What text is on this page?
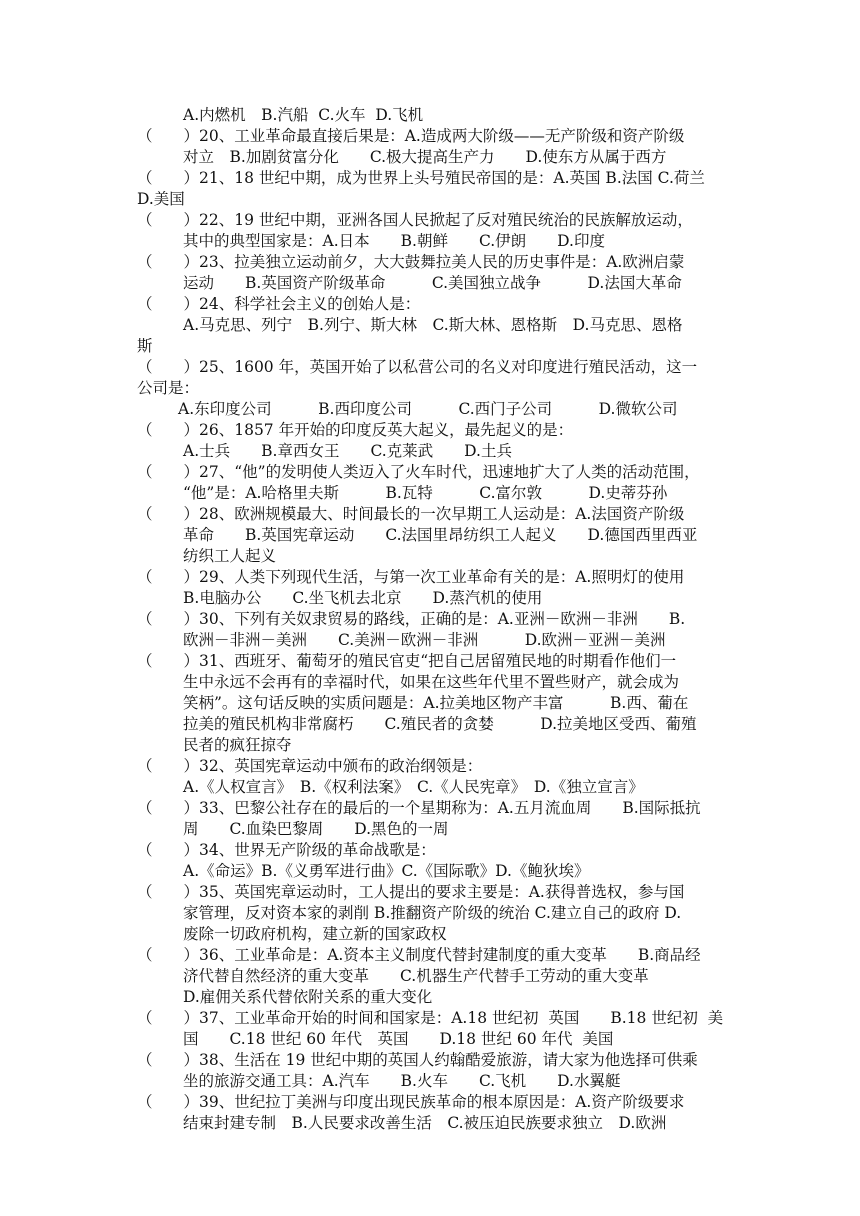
A.内燃机　B.汽船  C.火车  D.飞机
（　　）20、工业革命最直接后果是：A.造成两大阶级——无产阶级和资产阶级
对立　B.加剧贫富分化　　C.极大提高生产力　　D.使东方从属于西方
（　　）21、18 世纪中期，成为世界上头号殖民帝国的是：A.英国 B.法国 C.荷兰
D.美国
（　　）22、19 世纪中期，亚洲各国人民掀起了反对殖民统治的民族解放运动，
其中的典型国家是：A.日本　　B.朝鲜　　C.伊朗　　D.印度
（　　）23、拉美独立运动前夕，大大鼓舞拉美人民的历史事件是：A.欧洲启蒙
运动　　B.英国资产阶级革命　　　C.美国独立战争　　　D.法国大革命
（　　）24、科学社会主义的创始人是：
A.马克思、列宁　B.列宁、斯大林　C.斯大林、恩格斯　D.马克思、恩格
斯
（　　）25、1600 年，英国开始了以私营公司的名义对印度进行殖民活动，这一
公司是：
A.东印度公司　　　B.西印度公司　　　C.西门子公司　　　D.微软公司
（　　）26、1857 年开始的印度反英大起义，最先起义的是：
A.士兵　　B.章西女王　　C.克莱武　　D.土兵
（　　）27、“他”的发明使人类迈入了火车时代，迅速地扩大了人类的活动范围，
“他”是：A.哈格里夫斯　　　B.瓦特　　　C.富尔敦　　　D.史蒂芬孙
（　　）28、欧洲规模最大、时间最长的一次早期工人运动是：A.法国资产阶级
革命　　B.英国宪章运动　　C.法国里昂纺织工人起义　　D.德国西里西亚
纺织工人起义
（　　）29、人类下列现代生活，与第一次工业革命有关的是：A.照明灯的使用
B.电脑办公　　C.坐飞机去北京　　D.蒸汽机的使用
（　　）30、下列有关奴隶贸易的路线，正确的是：A.亚洲－欧洲－非洲　　B.
欧洲－非洲－美洲　　C.美洲－欧洲－非洲　　　D.欧洲－亚洲－美洲
（　　）31、西班牙、葡萄牙的殖民官吏“把自己居留殖民地的时期看作他们一
生中永远不会再有的幸福时代，如果在这些年代里不置些财产，就会成为
笑柄”。这句话反映的实质问题是：A.拉美地区物产丰富　　　B.西、葡在
拉美的殖民机构非常腐朽　　C.殖民者的贪婪　　　D.拉美地区受西、葡殖
民者的疯狂掠夺
（　　）32、英国宪章运动中颁布的政治纲领是：
A.《人权宣言》　B.《权利法案》　C.《人民宪章》　D.《独立宣言》
（　　）33、巴黎公社存在的最后的一个星期称为：A.五月流血周　　B.国际抵抗
周　　C.血染巴黎周　　D.黑色的一周
（　　）34、世界无产阶级的革命战歌是：
A.《命运》B.《义勇军进行曲》C.《国际歌》D.《鲍狄埃》
（　　）35、英国宪章运动时，工人提出的要求主要是：A.获得普选权，参与国
家管理，反对资本家的剥削 B.推翻资产阶级的统治 C.建立自己的政府 D.
废除一切政府机构，建立新的国家政权
（　　）36、工业革命是：A.资本主义制度代替封建制度的重大变革　　B.商品经
济代替自然经济的重大变革　　C.机器生产代替手工劳动的重大变革
D.雇佣关系代替依附关系的重大变化
（　　）37、工业革命开始的时间和国家是：A.18 世纪初  英国　　B.18 世纪初  美
国　　C.18 世纪 60 年代　英国　　D.18 世纪 60 年代  美国
（　　）38、生活在 19 世纪中期的英国人约翰酷爱旅游，请大家为他选择可供乘
坐的旅游交通工具：A.汽车　　B.火车　　C.飞机　　D.水翼艇
（　　）39、世纪拉丁美洲与印度出现民族革命的根本原因是：A.资产阶级要求
结束封建专制　B.人民要求改善生活　C.被压迫民族要求独立　D.欧洲
